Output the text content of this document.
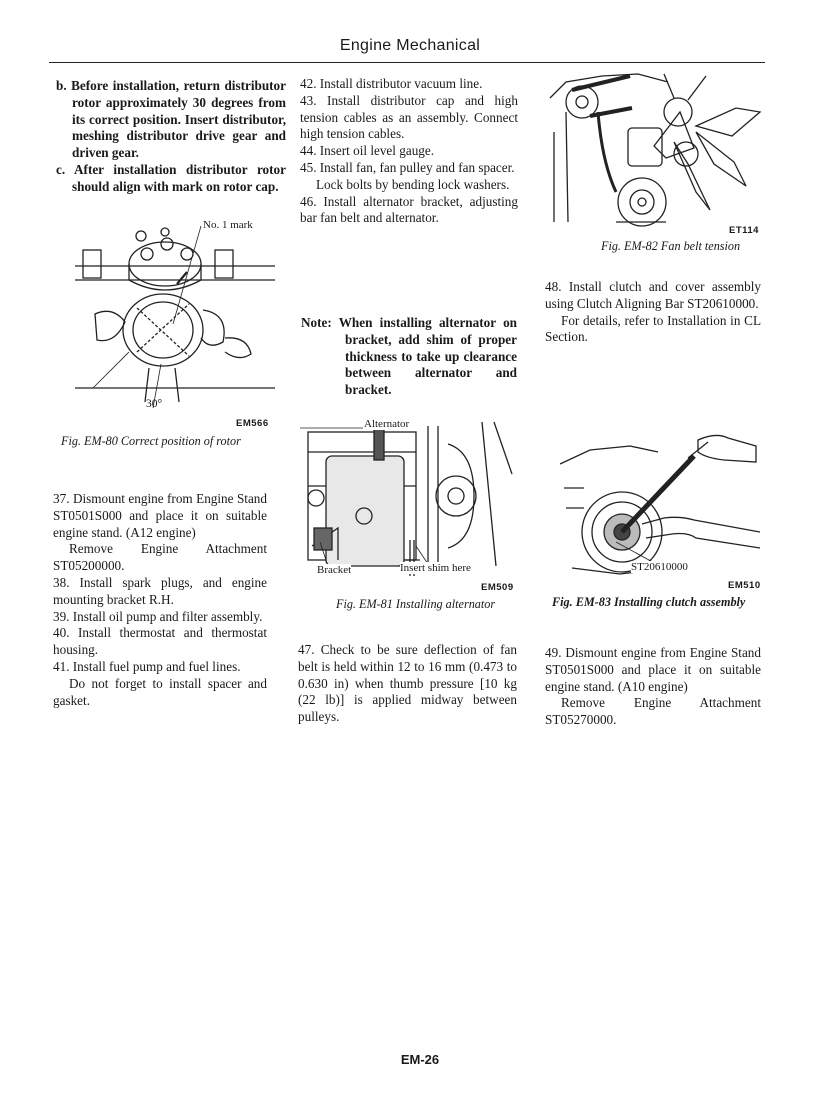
Engine Mechanical
b. Before installation, return distributor rotor approximately 30 degrees from its correct position. Insert distributor, meshing distributor drive gear and driven gear.
c. After installation distributor rotor should align with mark on rotor cap.
No. 1 mark
30°
EM566
Fig. EM-80 Correct position of rotor

37. Dismount engine from Engine Stand ST0501S000 and place it on suitable engine stand. (A12 engine)

Remove Engine Attachment ST05200000.

38. Install spark plugs, and engine mounting bracket R.H.

39. Install oil pump and filter assembly.

40. Install thermostat and thermostat housing.

41. Install fuel pump and fuel lines.

Do not forget to install spacer and gasket.

42. Install distributor vacuum line.

43. Install distributor cap and high tension cables as an assembly. Connect high tension cables.

44. Insert oil level gauge.

45. Install fan, fan pulley and fan spacer.

Lock bolts by bending lock washers.

46. Install alternator bracket, adjusting bar fan belt and alternator.

Note: When installing alternator on bracket, add shim of proper thickness to take up clearance between alternator and bracket.
Alternator
Bracket	Insert shim here
EM509
Fig. EM-81 Installing alternator
47. Check to be sure deflection of fan belt is held within 12 to 16 mm (0.473 to 0.630 in) when thumb pressure [10 kg (22 lb)] is applied midway between pulleys.
ET114
Fig. EM-82 Fan belt tension

48. Install clutch and cover assembly using Clutch Aligning Bar ST20610000.

For details, refer to Installation in CL Section.

ST20610000
EM510
Fig. EM-83 Installing clutch assembly

49. Dismount engine from Engine Stand ST0501S000 and place it on suitable engine stand. (A10 engine)

Remove Engine Attachment ST05270000.

EM-26
